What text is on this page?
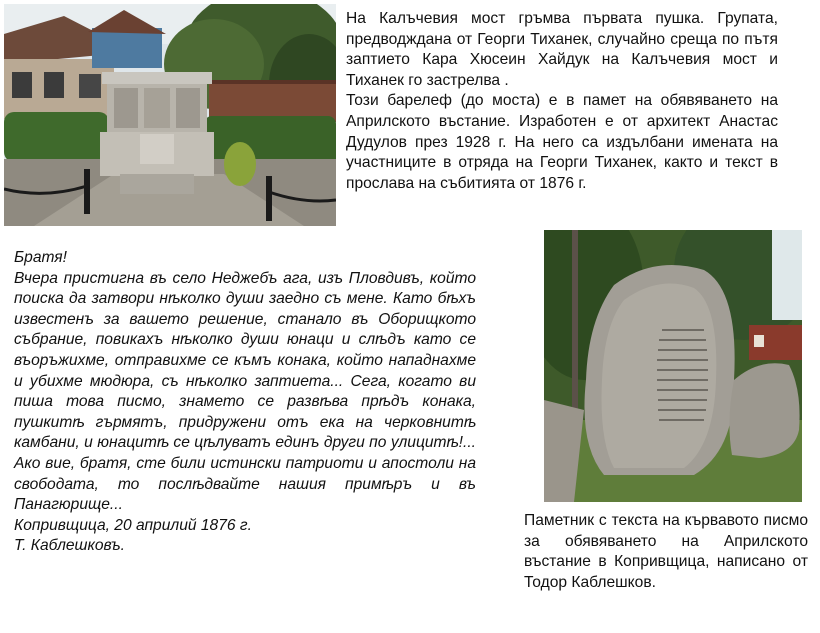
На Калъчевия мост гръмва първата пушка. Групата, предводждана от Георги Тиханек, случайно среща по пътя заптието Кара Хюсеин Хайдук на Калъчевия мост и Тиханек го застрелва .

Този барелеф (до моста) е в памет на обявяването на Априлското въстание. Изработен е от архитект Анастас Дудулов през 1928 г. На него са издълбани имената на участниците в отряда на Георги Тиханек, както и текст в прослава на събитията от 1876 г.

Братя!

Вчера пристигна въ село Неджебъ ага, изъ Пловдивъ, който поиска да затвори нѣколко души заедно съ мене. Като бѣхъ известенъ за вашето решение, станало въ Оборищкото събрание, повикахъ нѣколко души юнаци и слѣдъ като се въоръжихме, отправихме се къмъ конака, който нападнахме и убихме мюдюра, съ нѣколко заптиета... Сега, когато ви пиша това писмо, знамето се развѣва прѣдъ конака, пушкитѣ гърмятъ, придружени отъ ека на черковнитѣ камбани, и юнацитѣ се цѣлуватъ единъ други по улицитѣ!... Ако вие, братя, сте били истински патриоти и апостоли на свободата, то послѣдвайте нашия примѣръ и въ Панагюрище...

Копривщица, 20 априлий 1876 г.

Т. Каблешковъ.

Паметник с текста на кървавото писмо за обявяването на Априлското въстание в Копривщица, написано от Тодор Каблешков.
